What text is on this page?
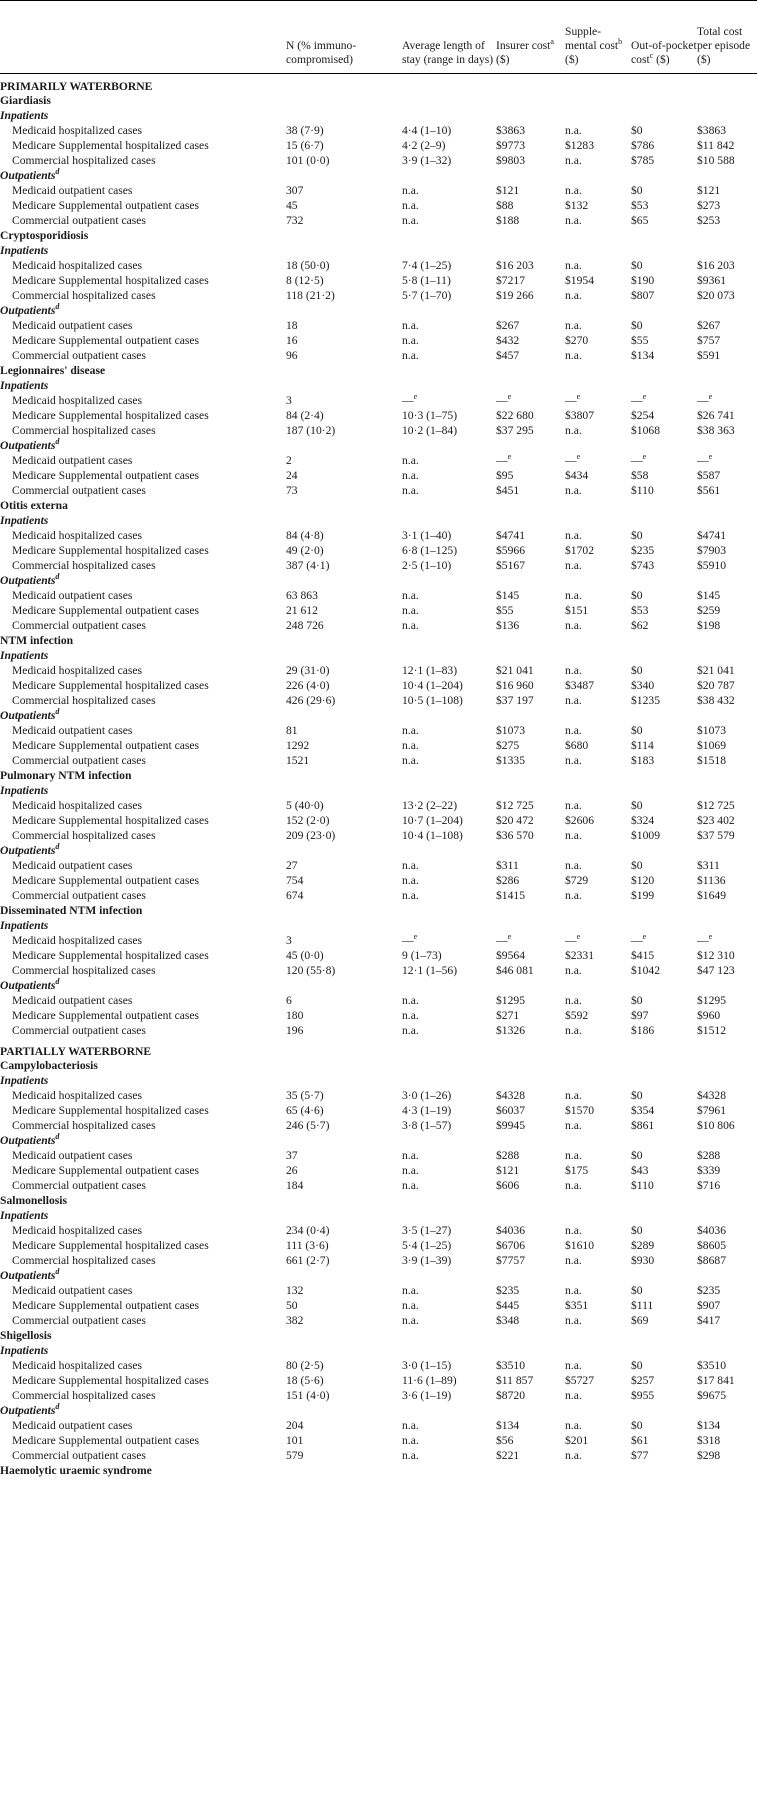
	N (% immuno-compromised)	Average length of stay (range in days)	Insurer cost$^a$ ($)	Supple-mental cost$^b$ ($)	Out-of-pocket cost$^c$ ($)	Total cost per episode ($)
PRIMARILY WATERBORNE						
Giardiasis						
Inpatients						
Medicaid hospitalized cases	38 (7·9)	4·4 (1–10)	$3863	n.a.	$0	$3863
Medicare Supplemental hospitalized cases	15 (6·7)	4·2 (2–9)	$9773	$1283	$786	$11 842
Commercial hospitalized cases	101 (0·0)	3·9 (1–32)	$9803	n.a.	$785	$10 588
Outpatients$^d$
Medicaid outpatient cases	307	n.a.	$121	n.a.	$0	$121
Medicare Supplemental outpatient cases	45	n.a.	$88	$132	$53	$273
Commercial outpatient cases	732	n.a.	$188	n.a.	$65	$253
Cryptosporidiosis						
Inpatients						
Medicaid hospitalized cases	18 (50·0)	7·4 (1–25)	$16 203	n.a.	$0	$16 203
Medicare Supplemental hospitalized cases	8 (12·5)	5·8 (1–11)	$7217	$1954	$190	$9361
Commercial hospitalized cases	118 (21·2)	5·7 (1–70)	$19 266	n.a.	$807	$20 073
Outpatients$^d$
Medicaid outpatient cases	18	n.a.	$267	n.a.	$0	$267
Medicare Supplemental outpatient cases	16	n.a.	$432	$270	$55	$757
Commercial outpatient cases	96	n.a.	$457	n.a.	$134	$591
Legionnaires' disease						
Inpatients						
Medicaid hospitalized cases	3	—$^e$	—$^e$	—$^e$	—$^e$	—$^e$
Medicare Supplemental hospitalized cases	84 (2·4)	10·3 (1–75)	$22 680	$3807	$254	$26 741
Commercial hospitalized cases	187 (10·2)	10·2 (1–84)	$37 295	n.a.	$1068	$38 363
Outpatients$^d$
Medicaid outpatient cases	2	n.a.	—$^e$	—$^e$	—$^e$	—$^e$
Medicare Supplemental outpatient cases	24	n.a.	$95	$434	$58	$587
Commercial outpatient cases	73	n.a.	$451	n.a.	$110	$561
Otitis externa						
Inpatients						
Medicaid hospitalized cases	84 (4·8)	3·1 (1–40)	$4741	n.a.	$0	$4741
Medicare Supplemental hospitalized cases	49 (2·0)	6·8 (1–125)	$5966	$1702	$235	$7903
Commercial hospitalized cases	387 (4·1)	2·5 (1–10)	$5167	n.a.	$743	$5910
Outpatients$^d$
Medicaid outpatient cases	63 863	n.a.	$145	n.a.	$0	$145
Medicare Supplemental outpatient cases	21 612	n.a.	$55	$151	$53	$259
Commercial outpatient cases	248 726	n.a.	$136	n.a.	$62	$198
NTM infection						
Inpatients						
Medicaid hospitalized cases	29 (31·0)	12·1 (1–83)	$21 041	n.a.	$0	$21 041
Medicare Supplemental hospitalized cases	226 (4·0)	10·4 (1–204)	$16 960	$3487	$340	$20 787
Commercial hospitalized cases	426 (29·6)	10·5 (1–108)	$37 197	n.a.	$1235	$38 432
Outpatients$^d$
Medicaid outpatient cases	81	n.a.	$1073	n.a.	$0	$1073
Medicare Supplemental outpatient cases	1292	n.a.	$275	$680	$114	$1069
Commercial outpatient cases	1521	n.a.	$1335	n.a.	$183	$1518
Pulmonary NTM infection						
Inpatients						
Medicaid hospitalized cases	5 (40·0)	13·2 (2–22)	$12 725	n.a.	$0	$12 725
Medicare Supplemental hospitalized cases	152 (2·0)	10·7 (1–204)	$20 472	$2606	$324	$23 402
Commercial hospitalized cases	209 (23·0)	10·4 (1–108)	$36 570	n.a.	$1009	$37 579
Outpatients$^d$
Medicaid outpatient cases	27	n.a.	$311	n.a.	$0	$311
Medicare Supplemental outpatient cases	754	n.a.	$286	$729	$120	$1136
Commercial outpatient cases	674	n.a.	$1415	n.a.	$199	$1649
Disseminated NTM infection						
Inpatients						
Medicaid hospitalized cases	3	—$^e$	—$^e$	—$^e$	—$^e$	—$^e$
Medicare Supplemental hospitalized cases	45 (0·0)	9 (1–73)	$9564	$2331	$415	$12 310
Commercial hospitalized cases	120 (55·8)	12·1 (1–56)	$46 081	n.a.	$1042	$47 123
Outpatients$^d$
Medicaid outpatient cases	6	n.a.	$1295	n.a.	$0	$1295
Medicare Supplemental outpatient cases	180	n.a.	$271	$592	$97	$960
Commercial outpatient cases	196	n.a.	$1326	n.a.	$186	$1512
PARTIALLY WATERBORNE						
Campylobacteriosis						
Inpatients						
Medicaid hospitalized cases	35 (5·7)	3·0 (1–26)	$4328	n.a.	$0	$4328
Medicare Supplemental hospitalized cases	65 (4·6)	4·3 (1–19)	$6037	$1570	$354	$7961
Commercial hospitalized cases	246 (5·7)	3·8 (1–57)	$9945	n.a.	$861	$10 806
Outpatients$^d$
Medicaid outpatient cases	37	n.a.	$288	n.a.	$0	$288
Medicare Supplemental outpatient cases	26	n.a.	$121	$175	$43	$339
Commercial outpatient cases	184	n.a.	$606	n.a.	$110	$716
Salmonellosis						
Inpatients						
Medicaid hospitalized cases	234 (0·4)	3·5 (1–27)	$4036	n.a.	$0	$4036
Medicare Supplemental hospitalized cases	111 (3·6)	5·4 (1–25)	$6706	$1610	$289	$8605
Commercial hospitalized cases	661 (2·7)	3·9 (1–39)	$7757	n.a.	$930	$8687
Outpatients$^d$
Medicaid outpatient cases	132	n.a.	$235	n.a.	$0	$235
Medicare Supplemental outpatient cases	50	n.a.	$445	$351	$111	$907
Commercial outpatient cases	382	n.a.	$348	n.a.	$69	$417
Shigellosis						
Inpatients						
Medicaid hospitalized cases	80 (2·5)	3·0 (1–15)	$3510	n.a.	$0	$3510
Medicare Supplemental hospitalized cases	18 (5·6)	11·6 (1–89)	$11 857	$5727	$257	$17 841
Commercial hospitalized cases	151 (4·0)	3·6 (1–19)	$8720	n.a.	$955	$9675
Outpatients$^d$
Medicaid outpatient cases	204	n.a.	$134	n.a.	$0	$134
Medicare Supplemental outpatient cases	101	n.a.	$56	$201	$61	$318
Commercial outpatient cases	579	n.a.	$221	n.a.	$77	$298
Haemolytic uraemic syndrome						
